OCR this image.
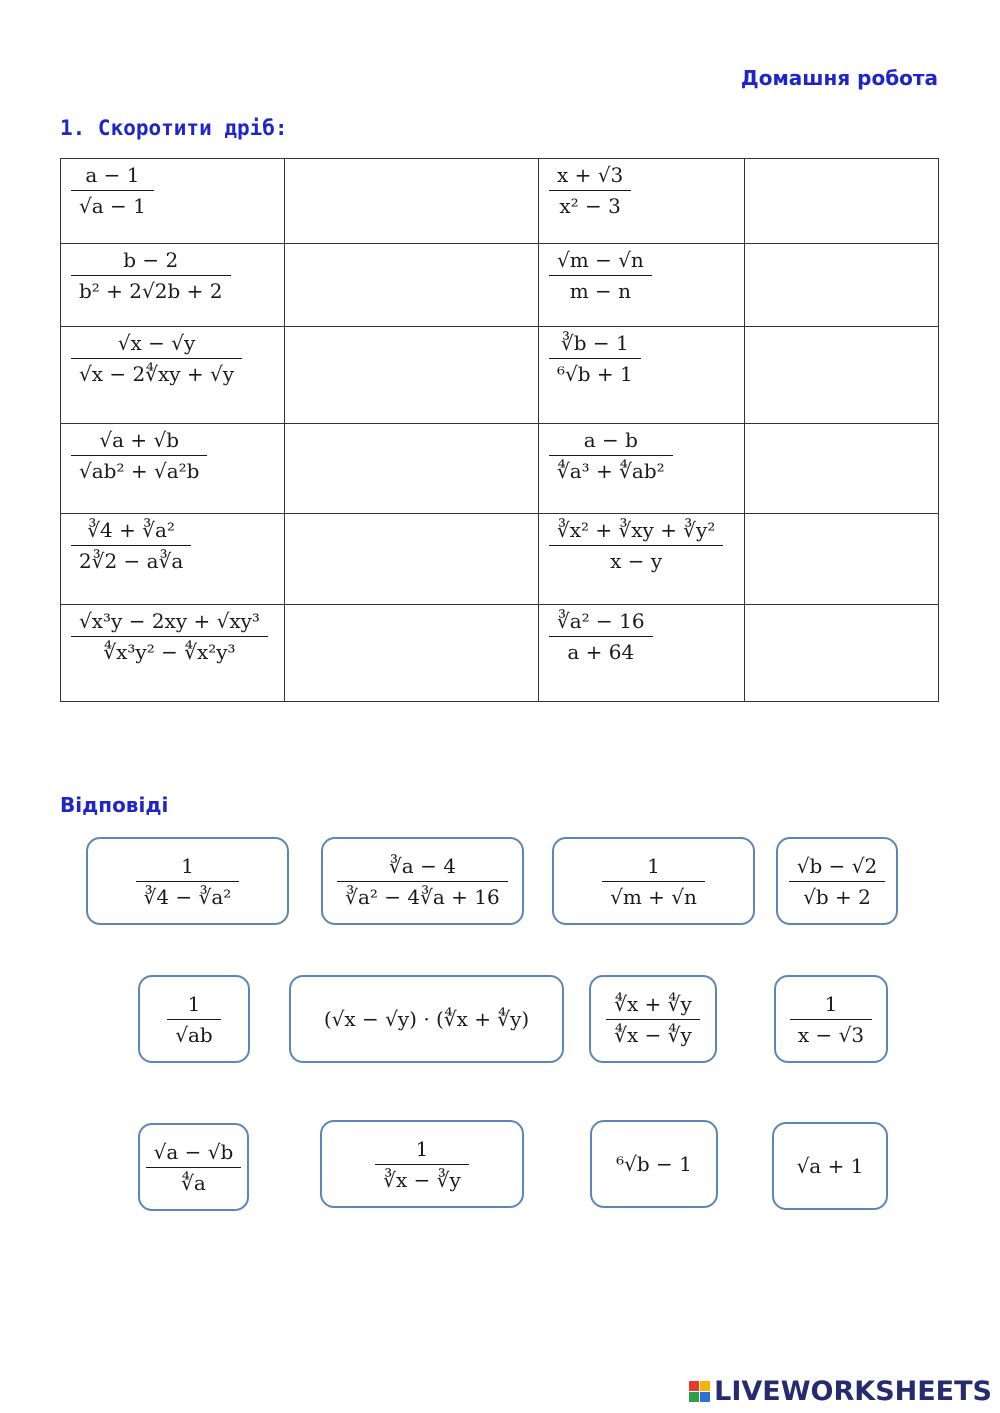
Домашня робота
1. Скоротити дріб:
$\frac{a - 1}{√a - 1}$		$\frac{x + √3}{\text{x² − 3}}$

$\frac{b - 2}{\text{b² + 2√2b + 2}}$		$\frac{√m - √n}{m - n}$

$\frac{√x - √y}{√x - 2∜xy + √y}$		$\frac{∛b - 1}{\text{⁶√b + 1}}$

$\frac{√a + √b}{\text{√ab² + √a²b}}$		$\frac{a - b}{\text{∜a³ + ∜ab²}}$

$\frac{\text{∛4 + ∛a²}}{2∛2 - a∛a}$		$\frac{\text{∛x² + ∛xy + ∛y²}}{x - y}$

$\frac{\text{√x³y − 2xy + √xy³}}{\text{∜x³y² − ∜x²y³}}$		$\frac{\text{∛a² − 16}}{a + 64}$

Відповіді
$\frac{1}{\text{∛4 − ∛a²}}$	$\frac{∛a - 4}{\text{∛a² − 4∛a + 16}}$	$\frac{1}{√m + √n}$	$\frac{√b - √2}{√b + 2}$
$\frac{1}{√ab}$	(√x − √y) · (∜x + ∜y)	$\frac{∜x + ∜y}{∜x - ∜y}$	$\frac{1}{x - √3}$
$\frac{√a - √b}{∜a}$	$\frac{1}{∛x - ∛y}$	⁶√b − 1	√a + 1
LIVEWORKSHEETS
